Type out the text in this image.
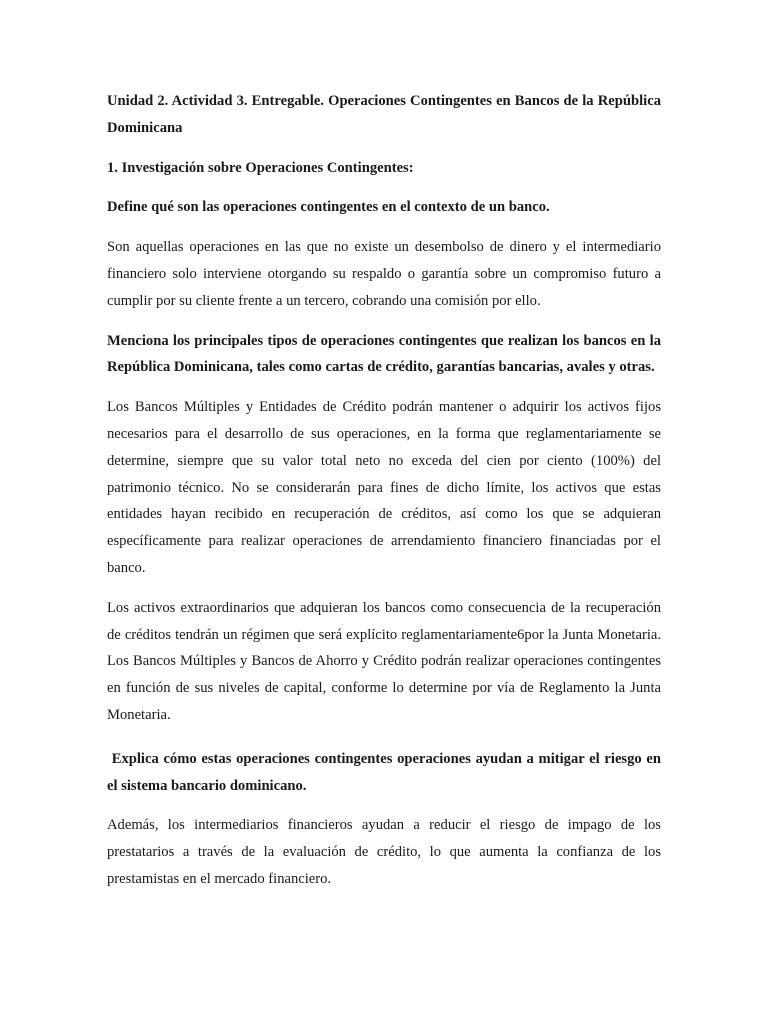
Unidad 2. Actividad 3. Entregable. Operaciones Contingentes en Bancos de la República Dominicana

1. Investigación sobre Operaciones Contingentes:

Define qué son las operaciones contingentes en el contexto de un banco.

Son aquellas operaciones en las que no existe un desembolso de dinero y el intermediario financiero solo interviene otorgando su respaldo o garantía sobre un compromiso futuro a cumplir por su cliente frente a un tercero, cobrando una comisión por ello.

Menciona los principales tipos de operaciones contingentes que realizan los bancos en la República Dominicana, tales como cartas de crédito, garantías bancarias, avales y otras.

Los Bancos Múltiples y Entidades de Crédito podrán mantener o adquirir los activos fijos necesarios para el desarrollo de sus operaciones, en la forma que reglamentariamente se determine, siempre que su valor total neto no exceda del cien por ciento (100%) del patrimonio técnico. No se considerarán para fines de dicho límite, los activos que estas entidades hayan recibido en recuperación de créditos, así como los que se adquieran específicamente para realizar operaciones de arrendamiento financiero financiadas por el banco.

Los activos extraordinarios que adquieran los bancos como consecuencia de la recuperación de créditos tendrán un régimen que será explícito reglamentariamente6por la Junta Monetaria. Los Bancos Múltiples y Bancos de Ahorro y Crédito podrán realizar operaciones contingentes en función de sus niveles de capital, conforme lo determine por vía de Reglamento la Junta Monetaria.

Explica cómo estas operaciones contingentes operaciones ayudan a mitigar el riesgo en el sistema bancario dominicano.

Además, los intermediarios financieros ayudan a reducir el riesgo de impago de los prestatarios a través de la evaluación de crédito, lo que aumenta la confianza de los prestamistas en el mercado financiero.
